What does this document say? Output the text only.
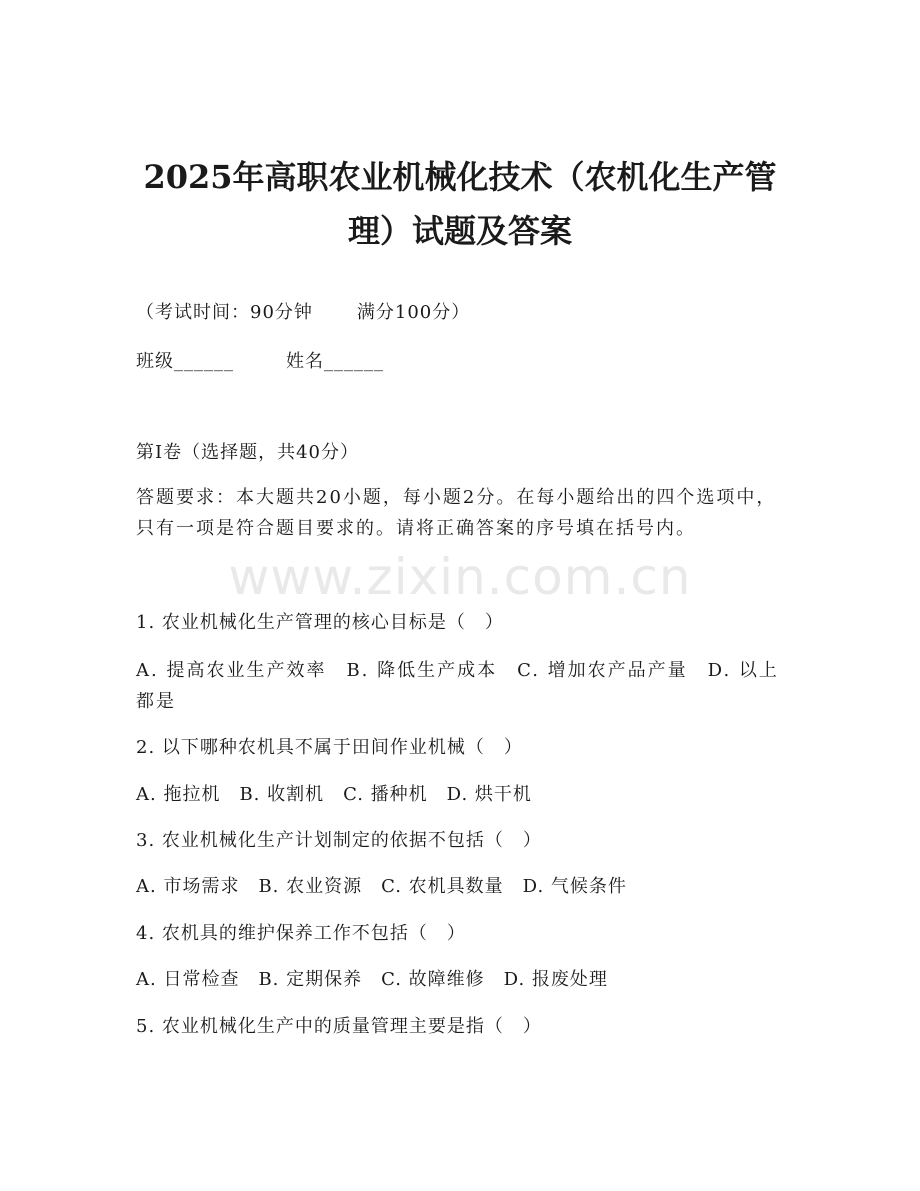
www.zixin.com.cn
2025年高职农业机械化技术（农机化生产管理）试题及答案
（考试时间：90分钟 满分100分）
班级______	姓名______
第I卷（选择题，共40分）
答题要求：本大题共20小题，每小题2分。在每小题给出的四个选项中，只有一项是符合题目要求的。请将正确答案的序号填在括号内。
1. 农业机械化生产管理的核心目标是（　）
A. 提高农业生产效率　B. 降低生产成本　C. 增加农产品产量　D. 以上都是
2. 以下哪种农机具不属于田间作业机械（　）
A. 拖拉机　B. 收割机　C. 播种机　D. 烘干机
3. 农业机械化生产计划制定的依据不包括（　）
A. 市场需求　B. 农业资源　C. 农机具数量　D. 气候条件
4. 农机具的维护保养工作不包括（　）
A. 日常检查　B. 定期保养　C. 故障维修　D. 报废处理
5. 农业机械化生产中的质量管理主要是指（　）
